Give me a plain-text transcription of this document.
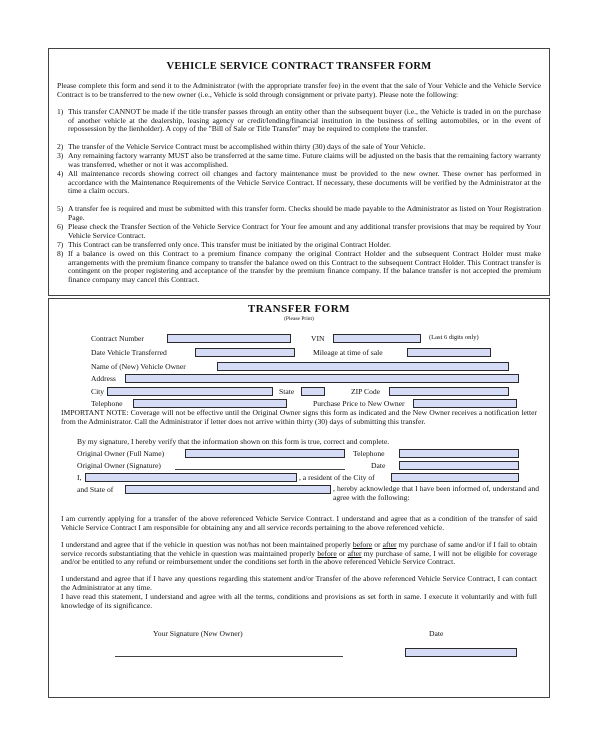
VEHICLE SERVICE CONTRACT TRANSFER FORM
Please complete this form and send it to the Administrator (with the appropriate transfer fee) in the event that the sale of Your Vehicle and the Vehicle Service Contract is to be transferred to the new owner (i.e., Vehicle is sold through consignment or private party). Please note the following:
1) This transfer CANNOT be made if the title transfer passes through an entity other than the subsequent buyer (i.e., the Vehicle is traded in on the purchase of another vehicle at the dealership, leasing agency or credit/lending/financial institution in the business of selling automobiles, or in the event of repossession by the lienholder). A copy of the "Bill of Sale or Title Transfer" may be required to complete the transfer.
2) The transfer of the Vehicle Service Contract must be accomplished within thirty (30) days of the sale of Your Vehicle.
3) Any remaining factory warranty MUST also be transferred at the same time. Future claims will be adjusted on the basis that the remaining factory warranty was transferred, whether or not it was accomplished.
4) All maintenance records showing correct oil changes and factory maintenance must be provided to the new owner. These owner has performed in accordance with the Maintenance Requirements of the Vehicle Service Contract. If necessary, these documents will be verified by the Administrator at the time a claim occurs.
5) A transfer fee is required and must be submitted with this transfer form. Checks should be made payable to the Administrator as listed on Your Registration Page.
6) Please check the Transfer Section of the Vehicle Service Contract for Your fee amount and any additional transfer provisions that may be required by Your Vehicle Service Contract.
7) This Contract can be transferred only once. This transfer must be initiated by the original Contract Holder.
8) If a balance is owed on this Contract to a premium finance company the original Contract Holder and the subsequent Contract Holder must make arrangements with the premium finance company to transfer the balance owed on this Contract to the subsequent Contract Holder. This Contract transfer is contingent on the proper registering and acceptance of the transfer by the premium finance company. If the balance transfer is not accepted the premium finance company may cancel this Contract.
TRANSFER FORM
(Please Print)
Contract Number	VIN	(Last 6 digits only)
Date Vehicle Transferred	Mileage at time of sale
Name of (New) Vehicle Owner
Address
City	State	ZIP Code
Telephone	Purchase Price to New Owner
IMPORTANT NOTE: Coverage will not be effective until the Original Owner signs this form as indicated and the New Owner receives a notification letter from the Administrator. Call the Administrator if letter does not arrive within thirty (30) days of submitting this transfer.
By my signature, I hereby verify that the information shown on this form is true, correct and complete.
Original Owner (Full Name)	Telephone
Original Owner (Signature)	Date
I,	, a resident of the City of
and State of	, hereby acknowledge that I have been informed of, understand and agree with the following:
I am currently applying for a transfer of the above referenced Vehicle Service Contract. I understand and agree that as a condition of the transfer of said Vehicle Service Contract I am responsible for obtaining any and all service records pertaining to the above referenced vehicle.
I understand and agree that if the vehicle in question was not/has not been maintained properly before or after my purchase of same and/or if I fail to obtain service records substantiating that the vehicle in question was maintained properly before or after my purchase of same, I will not be eligible for coverage and/or be entitled to any refund or reimbursement under the conditions set forth in the above referenced Vehicle Service Contract.
I understand and agree that if I have any questions regarding this statement and/or Transfer of the above referenced Vehicle Service Contract, I can contact the Administrator at any time.
I have read this statement, I understand and agree with all the terms, conditions and provisions as set forth in same. I execute it voluntarily and with full knowledge of its significance.
Your Signature (New Owner)	Date
